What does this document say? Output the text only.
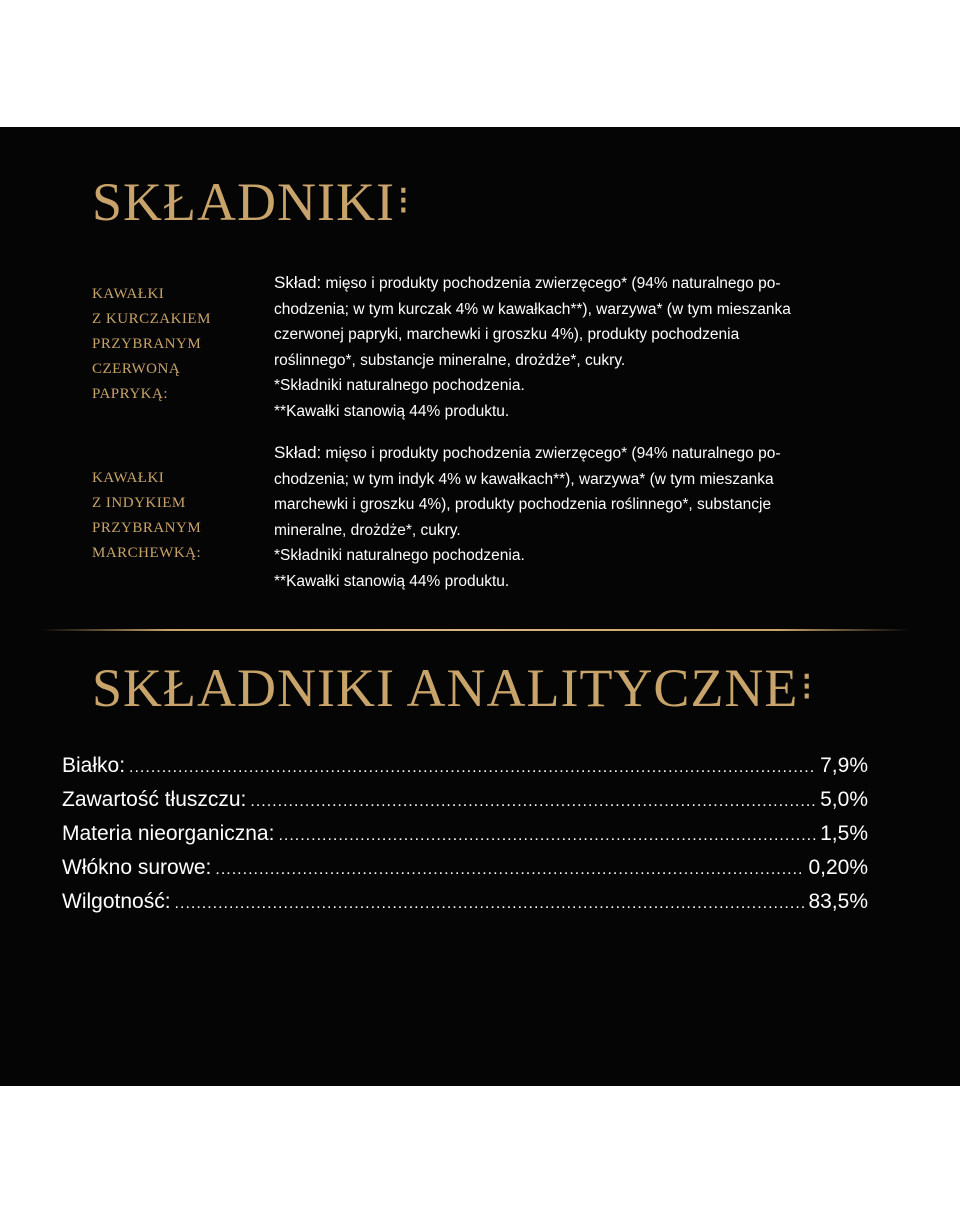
SKŁADNIKI⁝
KAWAŁKI
Z KURCZAKIEM
PRZYBRANYM
CZERWONĄ
PAPRYKĄ:
Skład: mięso i produkty pochodzenia zwierzęcego* (94% naturalnego po-
chodzenia; w tym kurczak 4% w kawałkach**), warzywa* (w tym mieszanka
czerwonej papryki, marchewki i groszku 4%), produkty pochodzenia
roślinnego*, substancje mineralne, drożdże*, cukry.
*Składniki naturalnego pochodzenia.
**Kawałki stanowią 44% produktu.
KAWAŁKI
Z INDYKIEM
PRZYBRANYM
MARCHEWKĄ:
Skład: mięso i produkty pochodzenia zwierzęcego* (94% naturalnego po-
chodzenia; w tym indyk 4% w kawałkach**), warzywa* (w tym mieszanka
marchewki i groszku 4%), produkty pochodzenia roślinnego*, substancje
mineralne, drożdże*, cukry.
*Składniki naturalnego pochodzenia.
**Kawałki stanowią 44% produktu.
SKŁADNIKI ANALITYCZNE⁝
Białko: .....	7,9%
Zawartość tłuszczu: .....	5,0%
Materia nieorganiczna: .....	1,5%
Włókno surowe: .....	0,20%
Wilgotność: .....	83,5%
